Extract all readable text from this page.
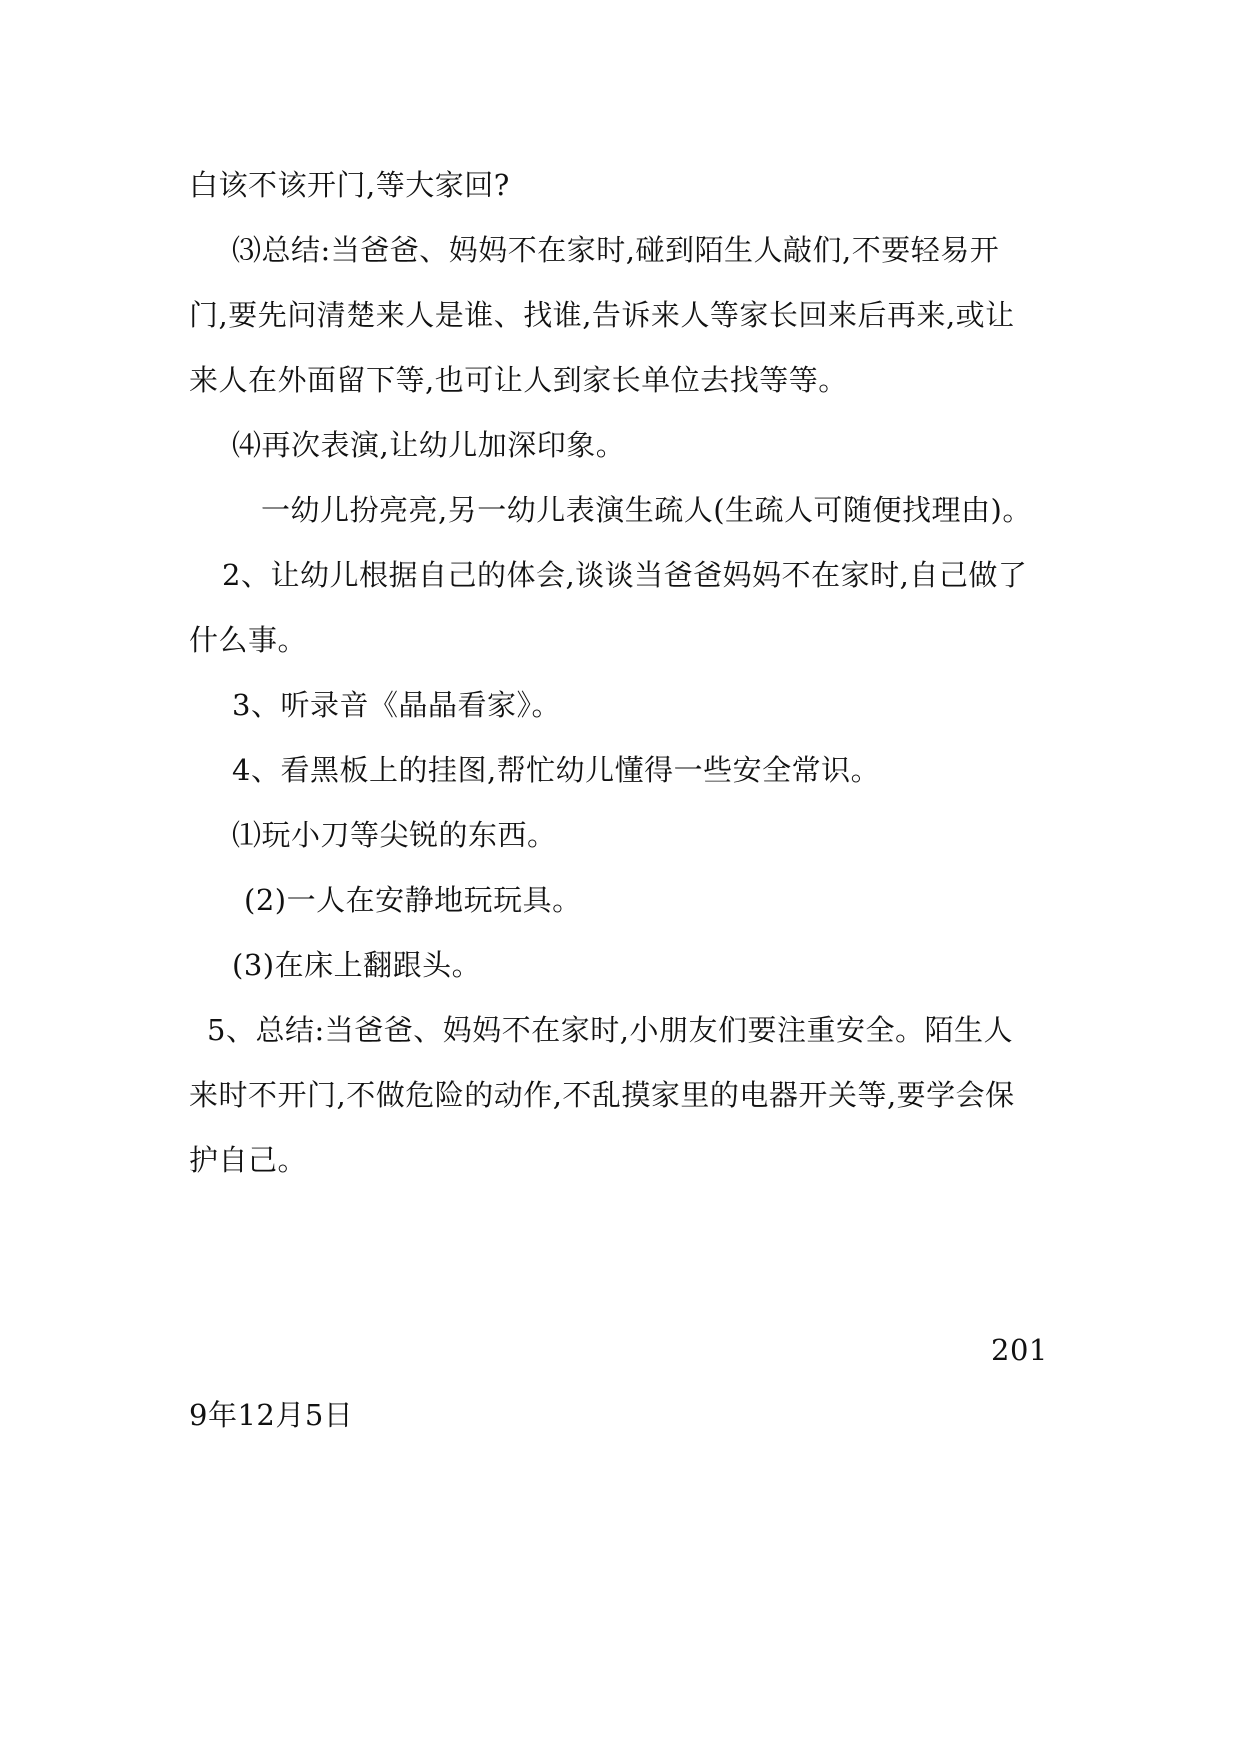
白该不该开门,等大家回?
⑶总结:当爸爸、妈妈不在家时,碰到陌生人敲们,不要轻易开
门,要先问清楚来人是谁、找谁,告诉来人等家长回来后再来,或让
来人在外面留下等,也可让人到家长单位去找等等。
⑷再次表演,让幼儿加深印象。
一幼儿扮亮亮,另一幼儿表演生疏人(生疏人可随便找理由)。
2、让幼儿根据自己的体会,谈谈当爸爸妈妈不在家时,自己做了
什么事。
3、听录音《晶晶看家》。
4、看黑板上的挂图,帮忙幼儿懂得一些安全常识。
⑴玩小刀等尖锐的东西。
(2)一人在安静地玩玩具。
(3)在床上翻跟头。
5、总结:当爸爸、妈妈不在家时,小朋友们要注重安全。陌生人
来时不开门,不做危险的动作,不乱摸家里的电器开关等,要学会保
护自己。
201
9年12月5日
